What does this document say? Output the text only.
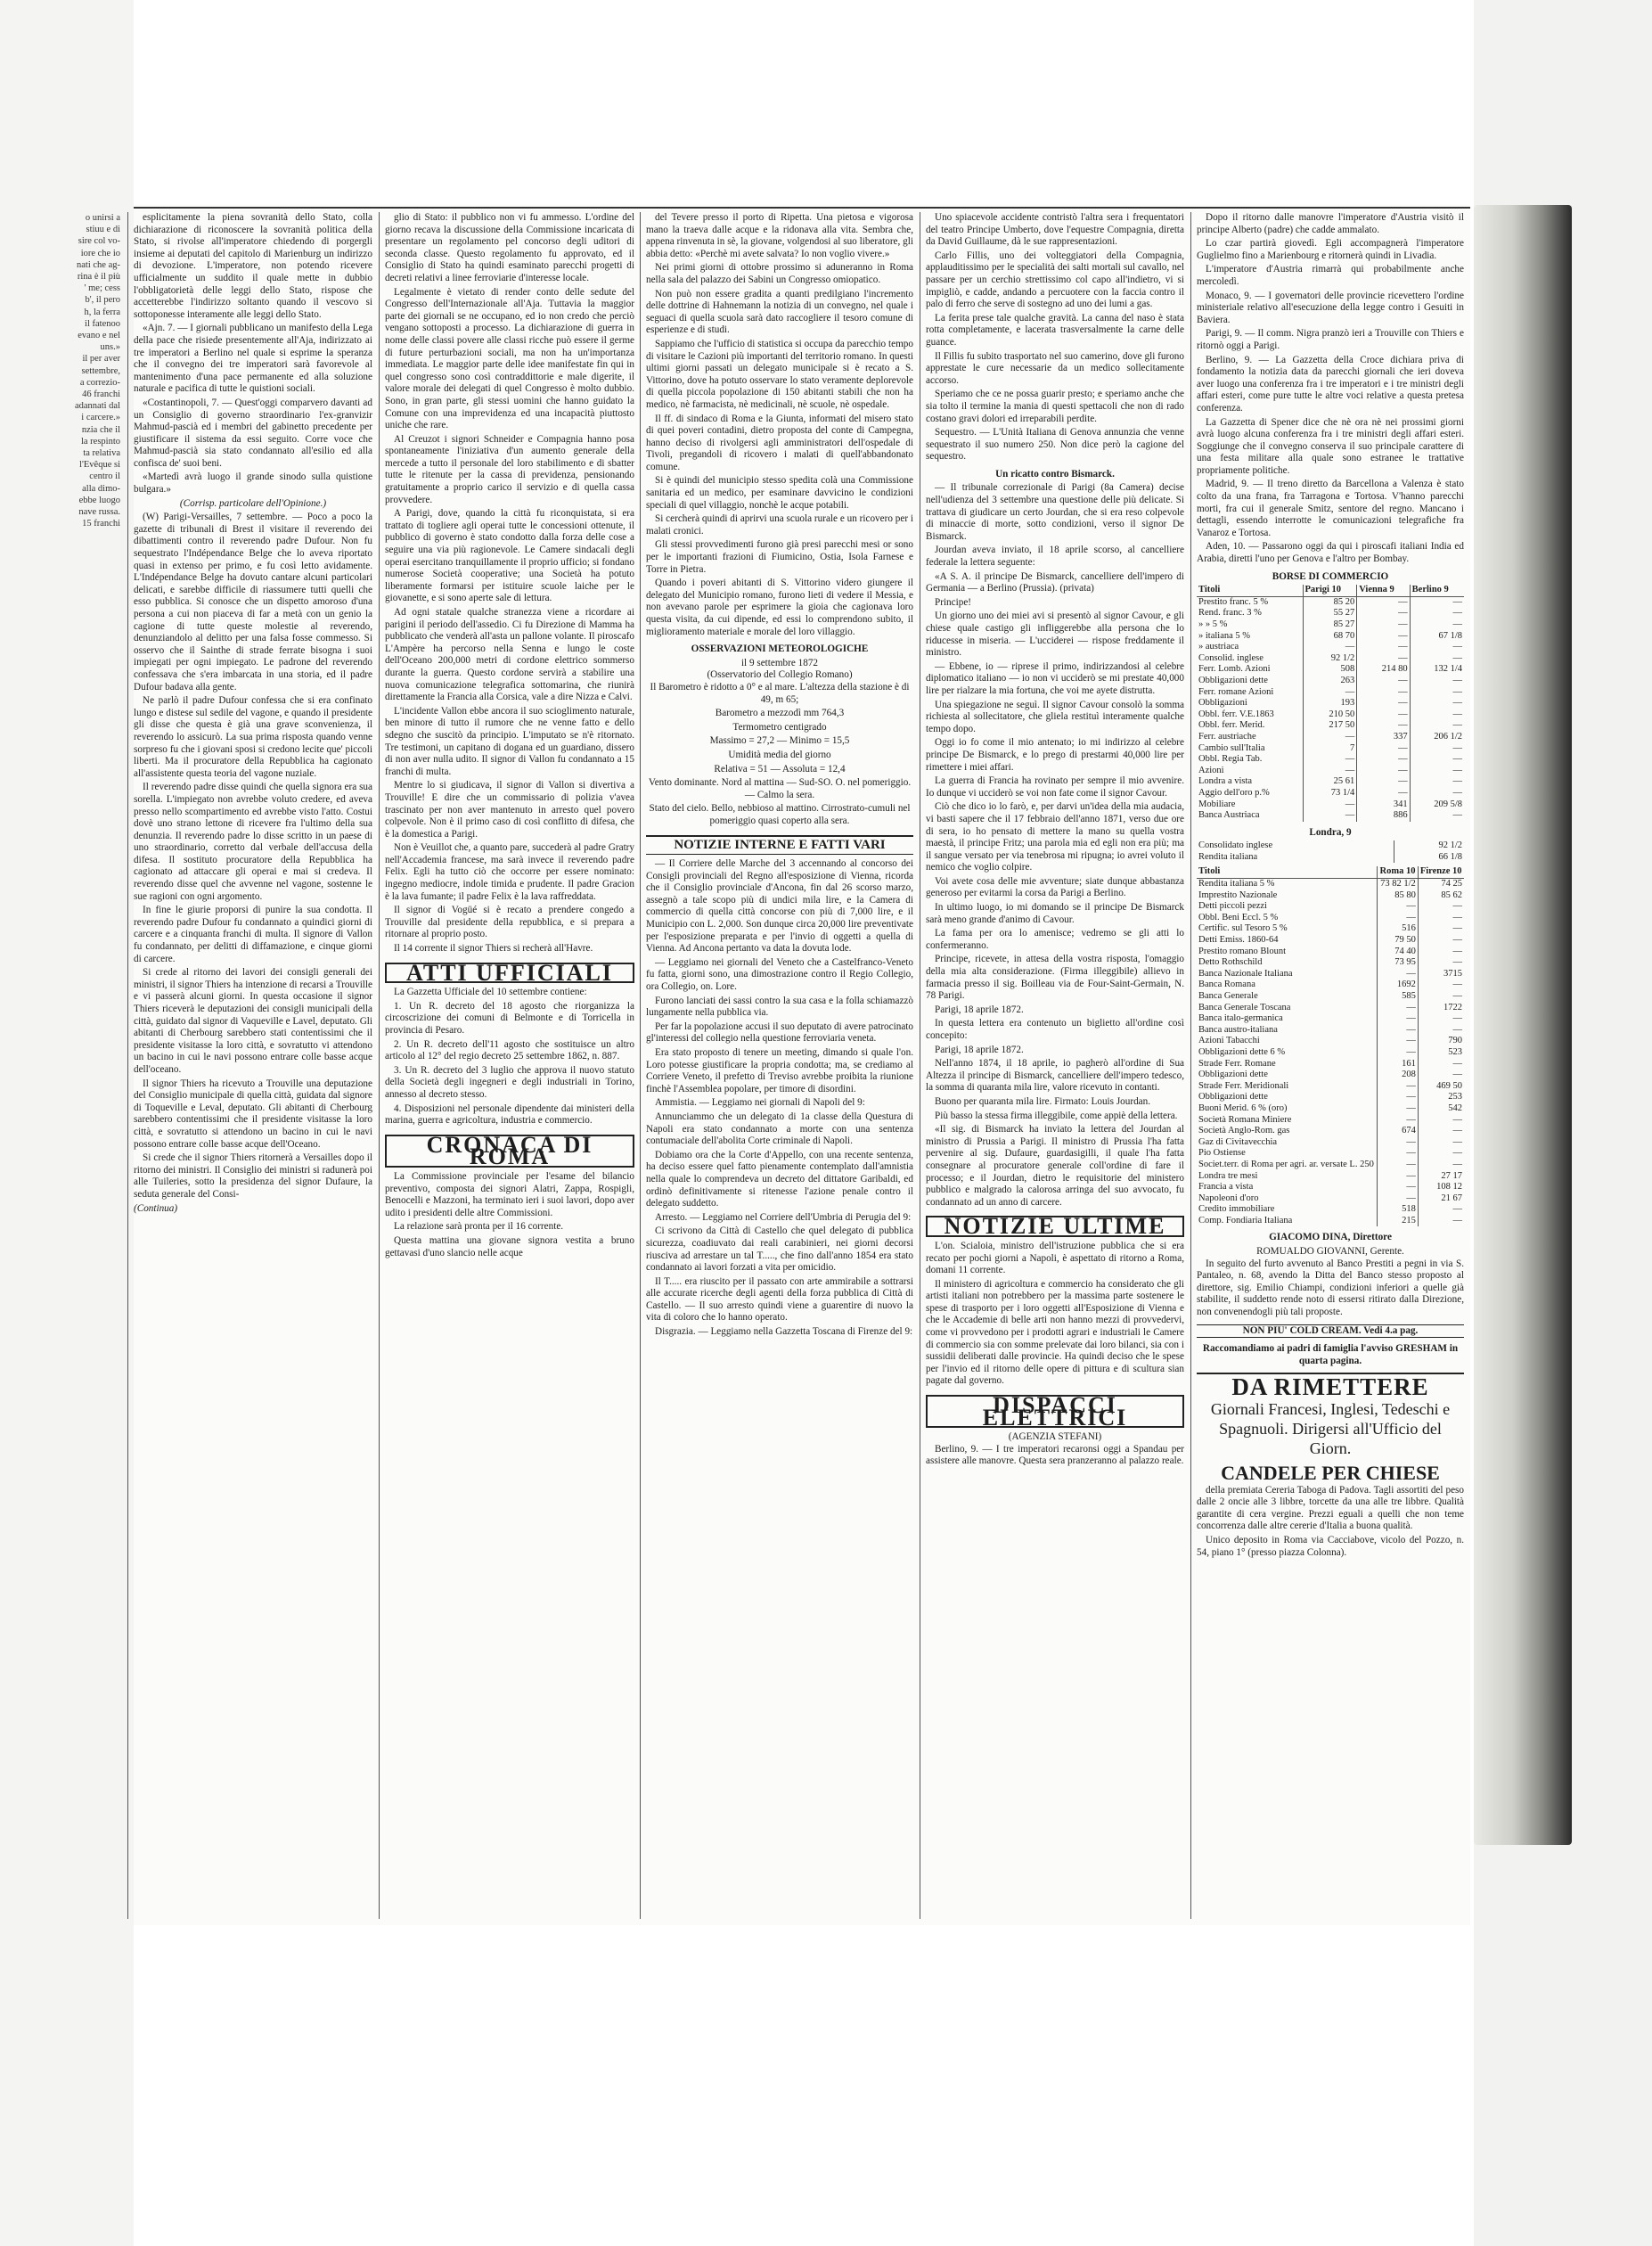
o unirsi a

stiuu e di

sire col vo-

iore che io

nati che ag-

rina è il più

' me; cess

b', il pero

h, la ferra

il fatenoo

evano e nel

uns.»

il per aver

settembre,

a correzio-

46 franchi

adannati dal

i carcere.»

nzia che il

la respinto

ta relativa

l'Evêque si

centro il

alla dimo-

ebbe luogo

nave russa.

15 franchi

esplicitamente la piena sovranità dello Stato, colla dichiarazione di riconoscere la sovranità politica della Stato, si rivolse all'imperatore chiedendo di porgergli insieme ai deputati del capitolo di Marienburg un indirizzo di devozione. L'imperatore, non potendo ricevere ufficialmente un suddito il quale mette in dubbio l'obbligatorietà delle leggi dello Stato, rispose che accetterebbe l'indirizzo soltanto quando il vescovo si sottoponesse interamente alle leggi dello Stato.

«Ajn. 7. — I giornali pubblicano un manifesto della Lega della pace che risiede presentemente all'Aja, indirizzato ai tre imperatori a Berlino nel quale si esprime la speranza che il convegno dei tre imperatori sarà favorevole al mantenimento d'una pace permanente ed alla soluzione naturale e pacifica di tutte le quistioni sociali.

«Costantinopoli, 7. — Quest'oggi comparvero davanti ad un Consiglio di governo straordinario l'ex-granvizir Mahmud-pascià ed i membri del gabinetto precedente per giustificare il sistema da essi seguito. Corre voce che Mahmud-pascià sia stato condannato all'esilio ed alla confisca de' suoi beni.

«Martedì avrà luogo il grande sinodo sulla quistione bulgara.»

(Corrisp. particolare dell'Opinione.)

(W) Parigi-Versailles, 7 settembre. — Poco a poco la gazette di tribunali di Brest il visitare il reverendo dei dibattimenti contro il reverendo padre Dufour. Non fu sequestrato l'Indépendance Belge che lo aveva riportato quasi in extenso per primo, e fu così letto avidamente. L'Indépendance Belge ha dovuto cantare alcuni particolari delicati, e sarebbe difficile di riassumere tutti quelli che esso pubblica. Si conosce che un dispetto amoroso d'una persona a cui non piaceva di far a metà con un genio la cagione di tutte queste molestie al reverendo, denunziandolo al delitto per una falsa fosse commesso. Si osservo che il Sainthe di strade ferrate bisogna i suoi impiegati per ogni impiegato. Le padrone del reverendo confessava che s'era imbarcata in una storia, ed il padre Dufour badava alla gente.

Ne parlò il padre Dufour confessa che si era confinato lungo e distese sul sedile del vagone, e quando il presidente gli disse che questa è già una grave sconvenienza, il reverendo lo assicurò. La sua prima risposta quando venne sorpreso fu che i giovani sposi si credono lecite que' piccoli liberti. Ma il procuratore della Repubblica ha cagionato all'assistente questa teoria del vagone nuziale.

Il reverendo padre disse quindi che quella signora era sua sorella. L'impiegato non avrebbe voluto credere, ed aveva presso nello scompartimento ed avrebbe visto l'atto. Costui dovè uno strano lettone di ricevere fra l'ultimo della sua denunzia. Il reverendo padre lo disse scritto in un paese di uno straordinario, corretto dal verbale dell'accusa della difesa. Il sostituto procuratore della Repubblica ha cagionato ad attaccare gli operai e mai si credeva. Il reverendo disse quel che avvenne nel vagone, sostenne le sue ragioni con ogni argomento.

In fine le giurie proporsi di punire la sua condotta. Il reverendo padre Dufour fu condannato a quindici giorni di carcere e a cinquanta franchi di multa. Il signore di Vallon fu condannato, per delitti di diffamazione, e cinque giorni di carcere.

Si crede al ritorno dei lavori dei consigli generali dei ministri, il signor Thiers ha intenzione di recarsi a Trouville e vi passerà alcuni giorni. In questa occasione il signor Thiers riceverà le deputazioni dei consigli municipali della città, guidato dal signor di Vaqueville e Lavel, deputato. Gli abitanti di Cherbourg sarebbero stati contentissimi che il presidente visitasse la loro città, e sovratutto vi attendono un bacino in cui le navi possono entrare colle basse acque dell'oceano.

Il signor Thiers ha ricevuto a Trouville una deputazione del Consiglio municipale di quella città, guidata dal signore di Toqueville e Leval, deputato. Gli abitanti di Cherbourg sarebbero contentissimi che il presidente visitasse la loro città, e sovratutto si attendono un bacino in cui le navi possono entrare colle basse acque dell'Oceano.

Si crede che il signor Thiers ritornerà a Versailles dopo il ritorno dei ministri. Il Consiglio dei ministri si radunerà poi alle Tuileries, sotto la presidenza del signor Dufaure, la seduta generale del Consi-

(Continua)

glio di Stato: il pubblico non vi fu ammesso. L'ordine del giorno recava la discussione della Commissione incaricata di presentare un regolamento pel concorso degli uditori di seconda classe. Questo regolamento fu approvato, ed il Consiglio di Stato ha quindi esaminato parecchi progetti di decreti relativi a linee ferroviarie d'interesse locale.

Legalmente è vietato di render conto delle sedute del Congresso dell'Internazionale all'Aja. Tuttavia la maggior parte dei giornali se ne occupano, ed io non credo che perciò vengano sottoposti a processo. La dichiarazione di guerra in nome delle classi povere alle classi ricche può essere il germe di future perturbazioni sociali, ma non ha un'importanza immediata. Le maggior parte delle idee manifestate fin qui in quel congresso sono così contraddittorie e male digerite, il valore morale dei delegati di quel Congresso è molto dubbio. Sono, in gran parte, gli stessi uomini che hanno guidato la Comune con una imprevidenza ed una incapacità piuttosto uniche che rare.

Al Creuzot i signori Schneider e Compagnia hanno posa spontaneamente l'iniziativa d'un aumento generale della mercede a tutto il personale del loro stabilimento e di sbatter tutte le ritenute per la cassa di previdenza, pensionando gratuitamente a proprio carico il servizio e di quella cassa provvedere.

A Parigi, dove, quando la città fu riconquistata, si era trattato di togliere agli operai tutte le concessioni ottenute, il pubblico di governo è stato condotto dalla forza delle cose a seguire una via più ragionevole. Le Camere sindacali degli operai esercitano tranquillamente il proprio ufficio; si fondano numerose Società cooperative; una Società ha potuto liberamente formarsi per istituire scuole laiche per le giovanette, e si sono aperte sale di lettura.

Ad ogni statale qualche stranezza viene a ricordare ai parigini il periodo dell'assedio. Ci fu Direzione di Mamma ha pubblicato che venderà all'asta un pallone volante. Il piroscafo L'Ampère ha percorso nella Senna e lungo le coste dell'Oceano 200,000 metri di cordone elettrico sommerso durante la guerra. Questo cordone servirà a stabilire una nuova comunicazione telegrafica sottomarina, che riunirà direttamente la Francia alla Corsica, vale a dire Nizza e Calvi.

L'incidente Vallon ebbe ancora il suo scioglimento naturale, ben minore di tutto il rumore che ne venne fatto e dello sdegno che suscitò da principio. L'imputato se n'è ritornato. Tre testimoni, un capitano di dogana ed un guardiano, dissero di non aver nulla udito. Il signor di Vallon fu condannato a 15 franchi di multa.

Mentre lo si giudicava, il signor di Vallon si divertiva a Trouville! E dire che un commissario di polizia v'avea trascinato per non aver mantenuto in arresto quel povero colpevole. Non è il primo caso di così conflitto di difesa, che è la domestica a Parigi.

Non è Veuillot che, a quanto pare, succederà al padre Gratry nell'Accademia francese, ma sarà invece il reverendo padre Felix. Egli ha tutto ciò che occorre per essere nominato: ingegno mediocre, indole timida e prudente. Il padre Gracion è la lava fumante; il padre Felix è la lava raffreddata.

Il signor di Vogüé si è recato a prendere congedo a Trouville dal presidente della repubblica, e si prepara a ritornare al proprio posto.

Il 14 corrente il signor Thiers si recherà all'Havre.

ATTI UFFICIALI

La Gazzetta Ufficiale del 10 settembre contiene:

1. Un R. decreto del 18 agosto che riorganizza la circoscrizione dei comuni di Belmonte e di Torricella in provincia di Pesaro.

2. Un R. decreto dell'11 agosto che sostituisce un altro articolo al 12° del regio decreto 25 settembre 1862, n. 887.

3. Un R. decreto del 3 luglio che approva il nuovo statuto della Società degli ingegneri e degli industriali in Torino, annesso al decreto stesso.

4. Disposizioni nel personale dipendente dai ministeri della marina, guerra e agricoltura, industria e commercio.

CRONACA DI ROMA

La Commissione provinciale per l'esame del bilancio preventivo, composta dei signori Alatri, Zappa, Rospigli, Benocelli e Mazzoni, ha terminato ieri i suoi lavori, dopo aver udito i presidenti delle altre Commissioni.

La relazione sarà pronta per il 16 corrente.

Questa mattina una giovane signora vestita a bruno gettavasi d'uno slancio nelle acque

del Tevere presso il porto di Ripetta. Una pietosa e vigorosa mano la traeva dalle acque e la ridonava alla vita. Sembra che, appena rinvenuta in sè, la giovane, volgendosi al suo liberatore, gli abbia detto: «Perchè mi avete salvata? Io non voglio vivere.»

Nei primi giorni di ottobre prossimo si aduneranno in Roma nella sala del palazzo dei Sabini un Congresso omiopatico.

Non può non essere gradita a quanti predilgiano l'incremento delle dottrine di Hahnemann la notizia di un convegno, nel quale i seguaci di quella scuola sarà dato raccogliere il tesoro comune di esperienze e di studi.

Sappiamo che l'ufficio di statistica si occupa da parecchio tempo di visitare le Cazioni più importanti del territorio romano. In questi ultimi giorni passati un delegato municipale si è recato a S. Vittorino, dove ha potuto osservare lo stato veramente deplorevole di quella piccola popolazione di 150 abitanti stabili che non ha medico, nè farmacista, nè medicinali, nè scuole, nè ospedale.

Il ff. di sindaco di Roma e la Giunta, informati del misero stato di quei poveri contadini, dietro proposta del conte di Campegna, hanno deciso di rivolgersi agli amministratori dell'ospedale di Tivoli, pregandoli di ricovero i malati di quell'abbandonato comune.

Si è quindi del municipio stesso spedita colà una Commissione sanitaria ed un medico, per esaminare davvicino le condizioni speciali di quel villaggio, nonchè le acque potabili.

Si cercherà quindi di aprirvi una scuola rurale e un ricovero per i malati cronici.

Gli stessi provvedimenti furono già presi parecchi mesi or sono per le importanti frazioni di Fiumicino, Ostia, Isola Farnese e Torre in Pietra.

Quando i poveri abitanti di S. Vittorino videro giungere il delegato del Municipio romano, furono lieti di vedere il Messia, e non avevano parole per esprimere la gioia che cagionava loro questa visita, da cui dipende, ed essi lo comprendono subito, il miglioramento materiale e morale del loro villaggio.

OSSERVAZIONI METEOROLOGICHE
il 9 settembre 1872
(Osservatorio del Collegio Romano)

Il Barometro è ridotto a 0° e al mare. L'altezza della stazione è di 49, m 65;

Barometro a mezzodì mm 764,3

Termometro centigrado

Massimo = 27,2 — Minimo = 15,5

Umidità media del giorno

Relativa = 51 — Assoluta = 12,4

Vento dominante. Nord al mattina — Sud-SO. O. nel pomeriggio. — Calmo la sera.

Stato del cielo. Bello, nebbioso al mattino. Cirrostrato-cumuli nel pomeriggio quasi coperto alla sera.

NOTIZIE INTERNE E FATTI VARI

— Il Corriere delle Marche del 3 accennando al concorso dei Consigli provinciali del Regno all'esposizione di Vienna, ricorda che il Consiglio provinciale d'Ancona, fin dal 26 scorso marzo, assegnò a tale scopo più di undici mila lire, e la Camera di commercio di quella città concorse con più di 7,000 lire, e il Municipio con L. 2,000. Son dunque circa 20,000 lire preventivate per l'esposizione preparata e per l'invio di oggetti a quella di Vienna. Ad Ancona pertanto va data la dovuta lode.

— Leggiamo nei giornali del Veneto che a Castelfranco-Veneto fu fatta, giorni sono, una dimostrazione contro il Regio Collegio, ora Collegio, on. Lore.

Furono lanciati dei sassi contro la sua casa e la folla schiamazzò lungamente nella pubblica via.

Per far la popolazione accusi il suo deputato di avere patrocinato gl'interessi del collegio nella questione ferroviaria veneta.

Era stato proposto di tenere un meeting, dimando si quale l'on. Loro potesse giustificare la propria condotta; ma, se crediamo al Corriere Veneto, il prefetto di Treviso avrebbe proibita la riunione finchè l'Assemblea popolare, per timore di disordini.

Ammistia. — Leggiamo nei giornali di Napoli del 9:

Annunciammo che un delegato di 1a classe della Questura di Napoli era stato condannato a morte con una sentenza contumaciale dell'abolita Corte criminale di Napoli.

Dobiamo ora che la Corte d'Appello, con una recente sentenza, ha deciso essere quel fatto pienamente contemplato dall'amnistia nella quale lo comprendeva un decreto del dittatore Garibaldi, ed ordinò definitivamente si ritenesse l'azione penale contro il delegato suddetto.

Arresto. — Leggiamo nel Corriere dell'Umbria di Perugia del 9:

Ci scrivono da Città di Castello che quel delegato di pubblica sicurezza, coadiuvato dai reali carabinieri, nei giorni decorsi riusciva ad arrestare un tal T....., che fino dall'anno 1854 era stato condannato ai lavori forzati a vita per omicidio.

Il T..... era riuscito per il passato con arte ammirabile a sottrarsi alle accurate ricerche degli agenti della forza pubblica di Città di Castello. — Il suo arresto quindi viene a guarentire di nuovo la vita di coloro che lo hanno operato.

Disgrazia. — Leggiamo nella Gazzetta Toscana di Firenze del 9:

Uno spiacevole accidente contristò l'altra sera i frequentatori del teatro Principe Umberto, dove l'equestre Compagnia, diretta da David Guillaume, dà le sue rappresentazioni.

Carlo Fillis, uno dei volteggiatori della Compagnia, applauditissimo per le specialità dei salti mortali sul cavallo, nel passare per un cerchio strettissimo col capo all'indietro, vi si impigliò, e cadde, andando a percuotere con la faccia contro il palo di ferro che serve di sostegno ad uno dei lumi a gas.

La ferita prese tale qualche gravità. La canna del naso è stata rotta completamente, e lacerata trasversalmente la carne delle guance.

Il Fillis fu subito trasportato nel suo camerino, dove gli furono apprestate le cure necessarie da un medico sollecitamente accorso.

Speriamo che ce ne possa guarir presto; e speriamo anche che sia tolto il termine la mania di questi spettacoli che non di rado costano gravi dolori ed irreparabili perdite.

Sequestro. — L'Unità Italiana di Genova annunzia che venne sequestrato il suo numero 250. Non dice però la cagione del sequestro.

Un ricatto contro Bismarck.

— Il tribunale correzionale di Parigi (8a Camera) decise nell'udienza del 3 settembre una questione delle più delicate. Si trattava di giudicare un certo Jourdan, che si era reso colpevole di minaccie di morte, sotto condizioni, verso il signor De Bismarck.

Jourdan aveva inviato, il 18 aprile scorso, al cancelliere federale la lettera seguente:

«A S. A. il principe De Bismarck, cancelliere dell'impero di Germania — a Berlino (Prussia). (privata)

Principe!

Un giorno uno dei miei avi si presentò al signor Cavour, e gli chiese quale castigo gli infliggerebbe alla persona che lo riducesse in miseria. — L'ucciderei — rispose freddamente il ministro.

— Ebbene, io — riprese il primo, indirizzandosi al celebre diplomatico italiano — io non vi ucciderò se mi prestate 40,000 lire per rialzare la mia fortuna, che voi me ayete distrutta.

Una spiegazione ne seguì. Il signor Cavour consolò la somma richiesta al sollecitatore, che gliela restituì interamente qualche tempo dopo.

Oggi io fo come il mio antenato; io mi indirizzo al celebre principe De Bismarck, e lo prego di prestarmi 40,000 lire per rimettere i miei affari.

La guerra di Francia ha rovinato per sempre il mio avvenire. Io dunque vi ucciderò se voi non fate come il signor Cavour.

Ciò che dico io lo farò, e, per darvi un'idea della mia audacia, vi basti sapere che il 17 febbraio dell'anno 1871, verso due ore di sera, io ho pensato di mettere la mano su quella vostra maestà, il principe Fritz; una parola mia ed egli non era più; ma il sangue versato per via tenebrosa mi ripugna; io avrei voluto il nemico che voglio colpire.

Voi avete cosa delle mie avventure; siate dunque abbastanza generoso per evitarmi la corsa da Parigi a Berlino.

In ultimo luogo, io mi domando se il principe De Bismarck sarà meno grande d'animo di Cavour.

La fama per ora lo amenisce; vedremo se gli atti lo confermeranno.

Principe, ricevete, in attesa della vostra risposta, l'omaggio della mia alta considerazione. (Firma illeggibile) allievo in farmacia presso il sig. Boilleau via de Four-Saint-Germain, N. 78 Parigi.

Parigi, 18 aprile 1872.

In questa lettera era contenuto un biglietto all'ordine così concepito:

Parigi, 18 aprile 1872.

Nell'anno 1874, il 18 aprile, io pagherò all'ordine di Sua Altezza il principe di Bismarck, cancelliere dell'impero tedesco, la somma di quaranta mila lire, valore ricevuto in contanti.

Buono per quaranta mila lire. Firmato: Louis Jourdan.

Più basso la stessa firma illeggibile, come appiè della lettera.

«Il sig. di Bismarck ha inviato la lettera del Jourdan al ministro di Prussia a Parigi. Il ministro di Prussia l'ha fatta pervenire al sig. Dufaure, guardasigilli, il quale l'ha fatta consegnare al procuratore generale coll'ordine di fare il processo; e il Jourdan, dietro le requisitorie del ministero pubblico e malgrado la calorosa arringa del suo avvocato, fu condannato ad un anno di carcere.

NOTIZIE ULTIME

L'on. Scialoia, ministro dell'istruzione pubblica che si era recato per pochi giorni a Napoli, è aspettato di ritorno a Roma, domani 11 corrente.

Il ministero di agricoltura e commercio ha considerato che gli artisti italiani non potrebbero per la massima parte sostenere le spese di trasporto per i loro oggetti all'Esposizione di Vienna e che le Accademie di belle arti non hanno mezzi di provvedervi, come vi provvedono per i prodotti agrari e industriali le Camere di commercio sia con somme prelevate dai loro bilanci, sia con i sussidii deliberati dalle provincie. Ha quindi deciso che le spese per l'invio ed il ritorno delle opere di pittura e di scultura sian pagate dal governo.

DISPACCI ELETTRICI
(AGENZIA STEFANI)

Berlino, 9. — I tre imperatori recaronsi oggi a Spandau per assistere alle manovre. Questa sera pranzeranno al palazzo reale.

Dopo il ritorno dalle manovre l'imperatore d'Austria visitò il principe Alberto (padre) che cadde ammalato.

Lo czar partirà giovedì. Egli accompagnerà l'imperatore Guglielmo fino a Marienbourg e ritornerà quindi in Livadia.

L'imperatore d'Austria rimarrà qui probabilmente anche mercoledì.

Monaco, 9. — I governatori delle provincie ricevettero l'ordine ministeriale relativo all'esecuzione della legge contro i Gesuiti in Baviera.

Parigi, 9. — Il comm. Nigra pranzò ieri a Trouville con Thiers e ritornò oggi a Parigi.

Berlino, 9. — La Gazzetta della Croce dichiara priva di fondamento la notizia data da parecchi giornali che ieri doveva aver luogo una conferenza fra i tre imperatori e i tre ministri degli affari esteri, come pure tutte le altre voci relative a questa pretesa conferenza.

La Gazzetta di Spener dice che nè ora nè nei prossimi giorni avrà luogo alcuna conferenza fra i tre ministri degli affari esteri. Soggiunge che il convegno conserva il suo principale carattere di una festa militare alla quale sono estranee le trattative propriamente politiche.

Madrid, 9. — Il treno diretto da Barcellona a Valenza è stato colto da una frana, fra Tarragona e Tortosa. V'hanno parecchi morti, fra cui il generale Smitz, sentore del regno. Mancano i dettagli, essendo interrotte le comunicazioni telegrafiche fra Vanaroz e Tortosa.

Aden, 10. — Passarono oggi da qui i piroscafi italiani India ed Arabia, diretti l'uno per Genova e l'altro per Bombay.

BORSE DI COMMERCIO
Titoli	Parigi 10	Vienna 9	Berlino 9
Prestito franc. 5 %	85 20	—	—
Rend. franc. 3 %	55 27	—	—
» » 5 %	85 27	—	—
» italiana 5 %	68 70	—	67 1/8
» austriaca	—	—	—
Consolid. inglese	92 1/2	—	—
Ferr. Lomb. Azioni	508	214 80	132 1/4
Obbligazioni dette	263	—	—
Ferr. romane Azioni	—	—	—
Obbligazioni	193	—	—
Obbl. ferr. V.E.1863	210 50	—	—
Obbl. ferr. Merid.	217 50	—	—
Ferr. austriache	—	337	206 1/2
Cambio sull'Italia	7	—	—
Obbl. Regia Tab.	—	—	—
Azioni	—	—	—
Londra a vista	25 61	—	—
Aggio dell'oro p.%	73 1/4	—	—
Mobiliare	—	341	209 5/8
Banca Austriaca	—	886	—
Londra, 9
Consolidato inglese	92 1/2
Rendita italiana	66 1/8
Titoli	Roma 10	Firenze 10
Rendita italiana 5 %	73 82 1/2	74 25
Imprestito Nazionale	85 80	85 62
Detti piccoli pezzi	—	—
Obbl. Beni Eccl. 5 %	—	—
Certific. sul Tesoro 5 %	516	—
Detti Emiss. 1860-64	79 50	—
Prestito romano Blount	74 40	—
Detto Rothschild	73 95	—
Banca Nazionale Italiana	—	3715
Banca Romana	1692	—
Banca Generale	585	—
Banca Generale Toscana	—	1722
Banca italo-germanica	—	—
Banca austro-italiana	—	—
Azioni Tabacchi	—	790
Obbligazioni dette 6 %	—	523
Strade Ferr. Romane	161	—
Obbligazioni dette	208	—
Strade Ferr. Meridionali	—	469 50
Obbligazioni dette	—	253
Buoni Merid. 6 % (oro)	—	542
Società Romana Miniere	—	—
Società Anglo-Rom. gas	674	—
Gaz di Civitavecchia	—	—
Pio Ostiense	—	—
Societ.terr. di Roma per agri. ar. versate L. 250	—	—
Londra tre mesi	—	27 17
Francia a vista	—	108 12
Napoleoni d'oro	—	21 67
Credito immobiliare	518	—
Comp. Fondiaria Italiana	215	—
GIACOMO DINA, Direttore
ROMUALDO GIOVANNI, Gerente.

In seguito del furto avvenuto al Banco Prestiti a pegni in via S. Pantaleo, n. 68, avendo la Ditta del Banco stesso proposto al direttore, sig. Emilio Chiampi, condizioni inferiori a quelle già stabilite, il suddetto rende noto di essersi ritirato dalla Direzione, non convenendogli più tali proposte.

NON PIU' COLD CREAM. Vedi 4.a pag.
Raccomandiamo ai padri di famiglia l'avviso GRESHAM in quarta pagina.
DA RIMETTERE
Giornali Francesi, Inglesi, Tedeschi e Spagnuoli. Dirigersi all'Ufficio del Giorn.
CANDELE PER CHIESE

della premiata Cereria Taboga di Padova. Tagli assortiti del peso dalle 2 oncie alle 3 libbre, torcette da una alle tre libbre. Qualità garantite di cera vergine. Prezzi eguali a quelli che non teme concorrenza dalle altre cererie d'Italia a buona qualità.

Unico deposito in Roma via Cacciabove, vicolo del Pozzo, n. 54, piano 1° (presso piazza Colonna).
